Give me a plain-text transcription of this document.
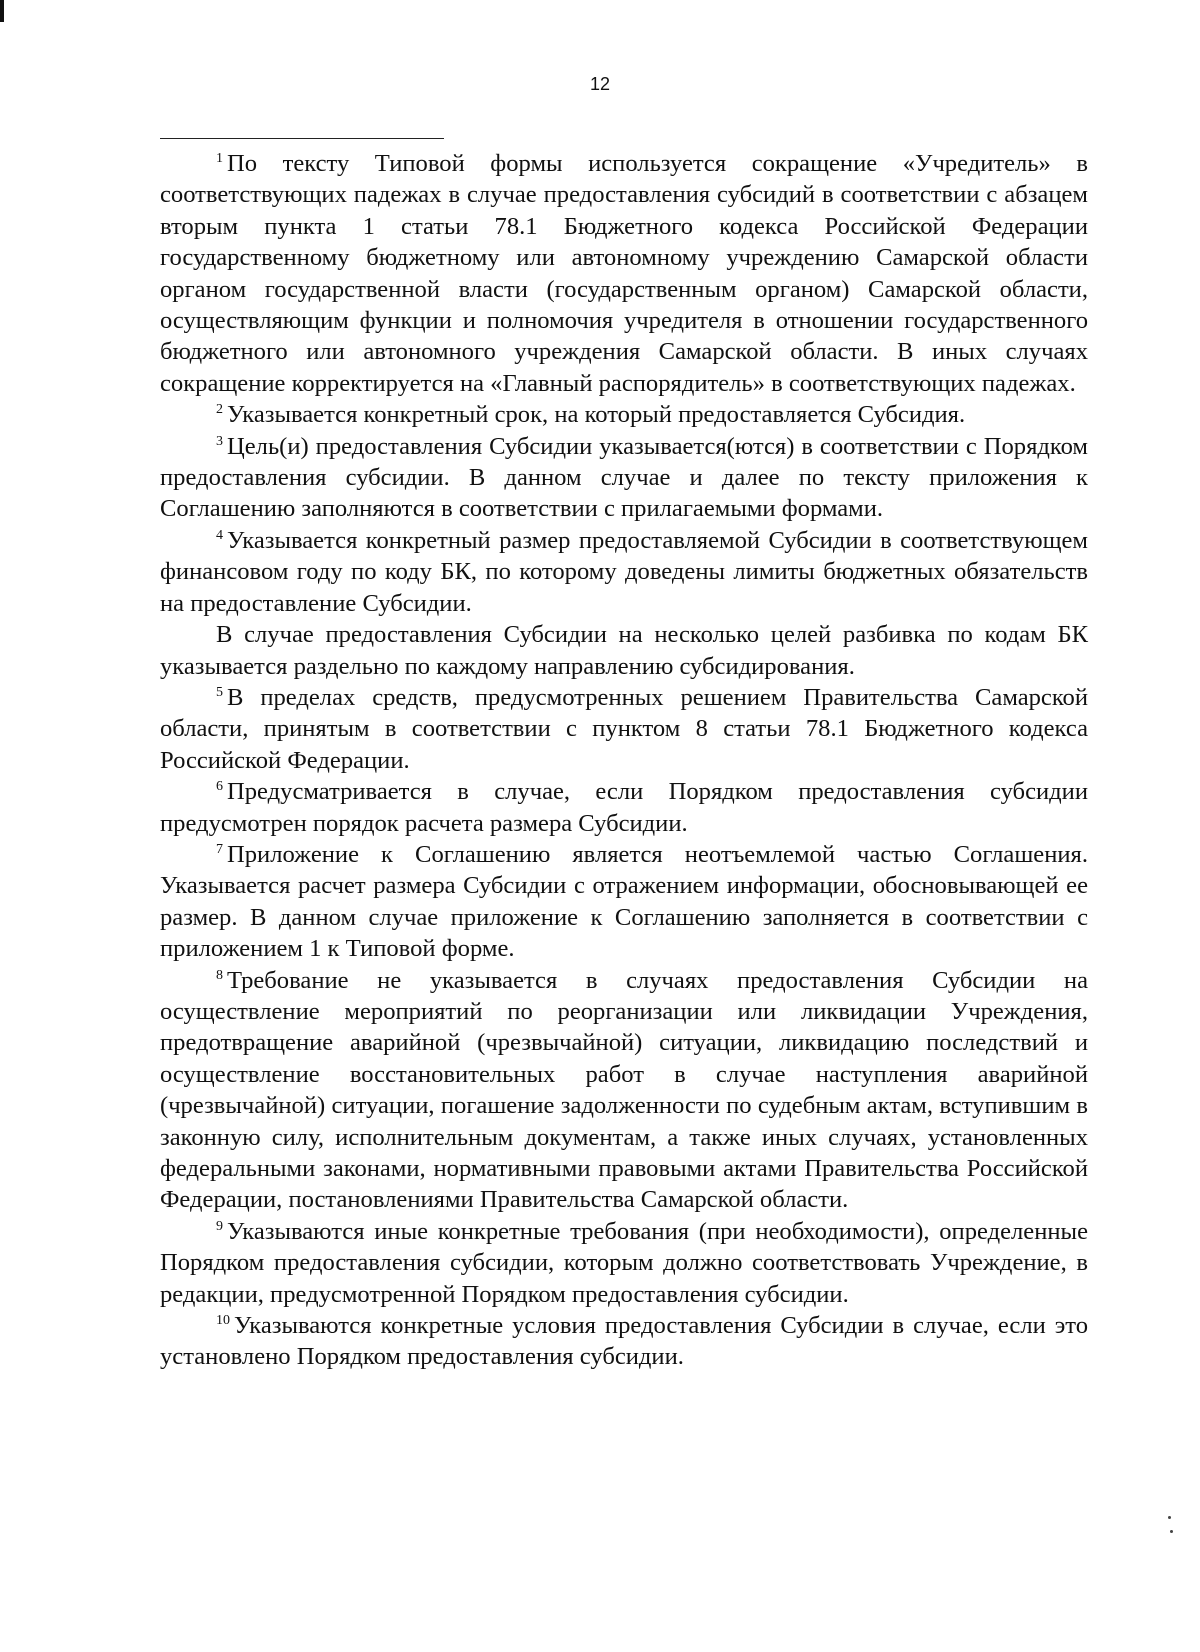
12

$^1$ По тексту Типовой формы используется сокращение «Учредитель» в соответствующих падежах в случае предоставления субсидий в соответствии с абзацем вторым пункта 1 статьи 78.1 Бюджетного кодекса Российской Федерации государственному бюджетному или автономному учреждению Самарской области органом государственной власти (государственным органом) Самарской области, осуществляющим функции и полномочия учредителя в отношении государственного бюджетного или автономного учреждения Самарской области. В иных случаях сокращение корректируется на «Главный распорядитель» в соответствующих падежах.

$^2$ Указывается конкретный срок, на который предоставляется Субсидия.

$^3$ Цель(и) предоставления Субсидии указывается(ются) в соответствии с Порядком предоставления субсидии. В данном случае и далее по тексту приложения к Соглашению заполняются в соответствии с прилагаемыми формами.

$^4$ Указывается конкретный размер предоставляемой Субсидии в соответствующем финансовом году по коду БК, по которому доведены лимиты бюджетных обязательств на предоставление Субсидии.

В случае предоставления Субсидии на несколько целей разбивка по кодам БК указывается раздельно по каждому направлению субсидирования.

$^5$ В пределах средств, предусмотренных решением Правительства Самарской области, принятым в соответствии с пунктом 8 статьи 78.1 Бюджетного кодекса Российской Федерации.

$^6$ Предусматривается в случае, если Порядком предоставления субсидии предусмотрен порядок расчета размера Субсидии.

$^7$ Приложение к Соглашению является неотъемлемой частью Соглашения. Указывается расчет размера Субсидии с отражением информации, обосновывающей ее размер. В данном случае приложение к Соглашению заполняется в соответствии с приложением 1 к Типовой форме.

$^8$ Требование не указывается в случаях предоставления Субсидии на осуществление мероприятий по реорганизации или ликвидации Учреждения, предотвращение аварийной (чрезвычайной) ситуации, ликвидацию последствий и осуществление восстановительных работ в случае наступления аварийной (чрезвычайной) ситуации, погашение задолженности по судебным актам, вступившим в законную силу, исполнительным документам, а также иных случаях, установленных федеральными законами, нормативными правовыми актами Правительства Российской Федерации, постановлениями Правительства Самарской области.

$^9$ Указываются иные конкретные требования (при необходимости), определенные Порядком предоставления субсидии, которым должно соответствовать Учреждение, в редакции, предусмотренной Порядком предоставления субсидии.

$^{10}$ Указываются конкретные условия предоставления Субсидии в случае, если это установлено Порядком предоставления субсидии.
